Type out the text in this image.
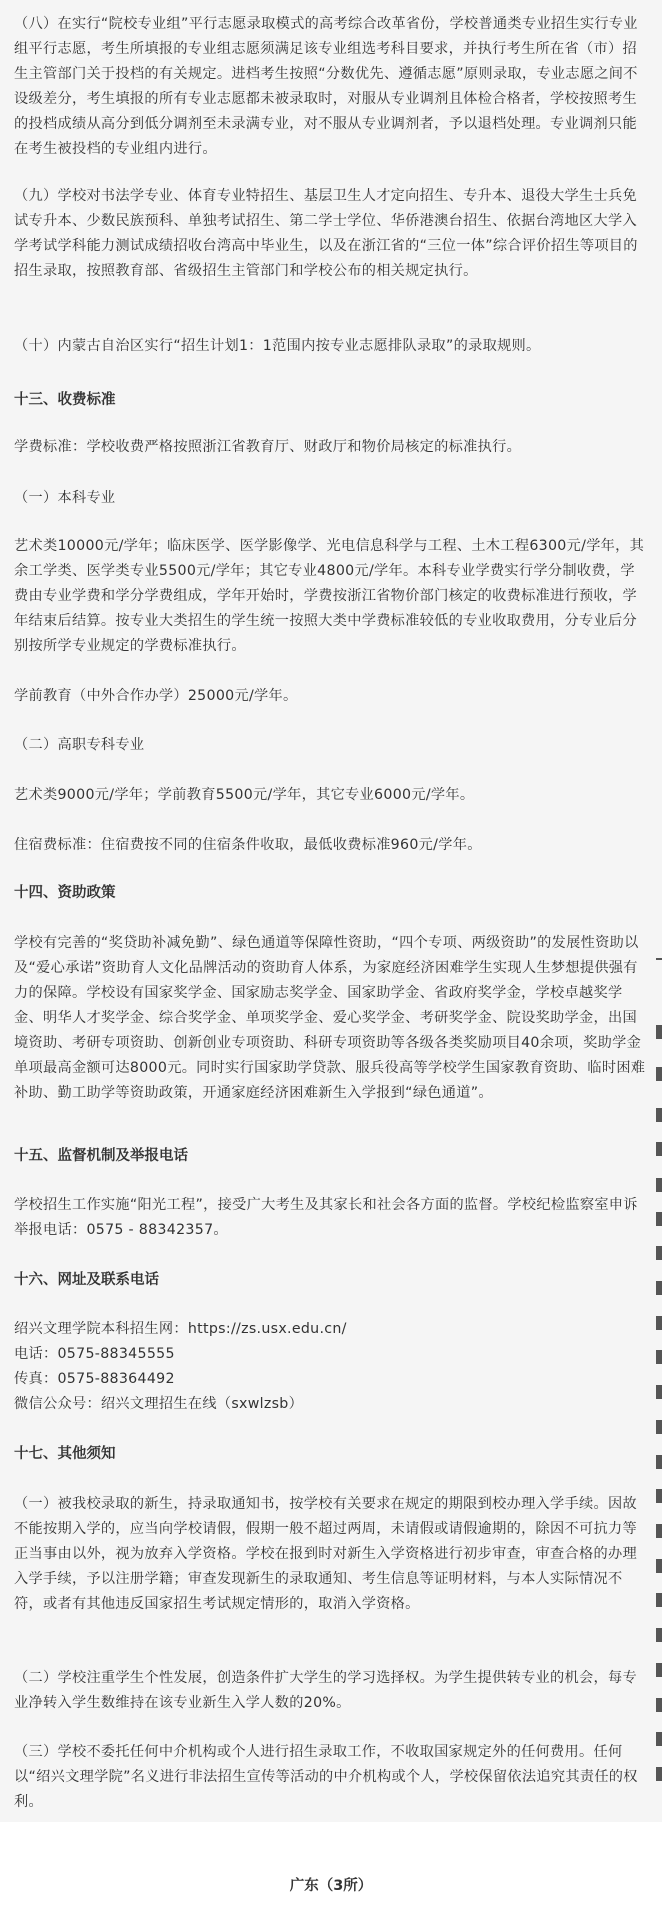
（八）在实行“院校专业组”平行志愿录取模式的高考综合改革省份，学校普通类专业招生实行专业组平行志愿，考生所填报的专业组志愿须满足该专业组选考科目要求，并执行考生所在省（市）招生主管部门关于投档的有关规定。进档考生按照“分数优先、遵循志愿”原则录取，专业志愿之间不设级差分，考生填报的所有专业志愿都未被录取时，对服从专业调剂且体检合格者，学校按照考生的投档成绩从高分到低分调剂至未录满专业，对不服从专业调剂者，予以退档处理。专业调剂只能在考生被投档的专业组内进行。

（九）学校对书法学专业、体育专业特招生、基层卫生人才定向招生、专升本、退役大学生士兵免试专升本、少数民族预科、单独考试招生、第二学士学位、华侨港澳台招生、依据台湾地区大学入学考试学科能力测试成绩招收台湾高中毕业生，以及在浙江省的“三位一体”综合评价招生等项目的招生录取，按照教育部、省级招生主管部门和学校公布的相关规定执行。

（十）内蒙古自治区实行“招生计划1：1范围内按专业志愿排队录取”的录取规则。

十三、收费标准

学费标准：学校收费严格按照浙江省教育厅、财政厅和物价局核定的标准执行。

（一）本科专业

艺术类10000元/学年；临床医学、医学影像学、光电信息科学与工程、土木工程6300元/学年，其余工学类、医学类专业5500元/学年；其它专业4800元/学年。本科专业学费实行学分制收费，学费由专业学费和学分学费组成，学年开始时，学费按浙江省物价部门核定的收费标准进行预收，学年结束后结算。按专业大类招生的学生统一按照大类中学费标准较低的专业收取费用，分专业后分别按所学专业规定的学费标准执行。

学前教育（中外合作办学）25000元/学年。

（二）高职专科专业

艺术类9000元/学年；学前教育5500元/学年，其它专业6000元/学年。

住宿费标准：住宿费按不同的住宿条件收取，最低收费标准960元/学年。

十四、资助政策

学校有完善的“奖贷助补减免勤”、绿色通道等保障性资助，“四个专项、两级资助”的发展性资助以及“爱心承诺”资助育人文化品牌活动的资助育人体系，为家庭经济困难学生实现人生梦想提供强有力的保障。学校设有国家奖学金、国家励志奖学金、国家助学金、省政府奖学金，学校卓越奖学金、明华人才奖学金、综合奖学金、单项奖学金、爱心奖学金、考研奖学金、院设奖助学金，出国境资助、考研专项资助、创新创业专项资助、科研专项资助等各级各类奖励项目40余项，奖助学金单项最高金额可达8000元。同时实行国家助学贷款、服兵役高等学校学生国家教育资助、临时困难补助、勤工助学等资助政策，开通家庭经济困难新生入学报到“绿色通道”。

十五、监督机制及举报电话

学校招生工作实施“阳光工程”，接受广大考生及其家长和社会各方面的监督。学校纪检监察室申诉举报电话：0575 - 88342357。

十六、网址及联系电话

绍兴文理学院本科招生网：https://zs.usx.edu.cn/

电话：0575-88345555

传真：0575-88364492

微信公众号：绍兴文理招生在线（sxwlzsb）

十七、其他须知

（一）被我校录取的新生，持录取通知书，按学校有关要求在规定的期限到校办理入学手续。因故不能按期入学的，应当向学校请假，假期一般不超过两周，未请假或请假逾期的，除因不可抗力等正当事由以外，视为放弃入学资格。学校在报到时对新生入学资格进行初步审查，审查合格的办理入学手续，予以注册学籍；审查发现新生的录取通知、考生信息等证明材料，与本人实际情况不符，或者有其他违反国家招生考试规定情形的，取消入学资格。

（二）学校注重学生个性发展，创造条件扩大学生的学习选择权。为学生提供转专业的机会，每专业净转入学生数维持在该专业新生入学人数的20%。

（三）学校不委托任何中介机构或个人进行招生录取工作，不收取国家规定外的任何费用。任何以“绍兴文理学院”名义进行非法招生宣传等活动的中介机构或个人，学校保留依法追究其责任的权利。

广东（3所）
